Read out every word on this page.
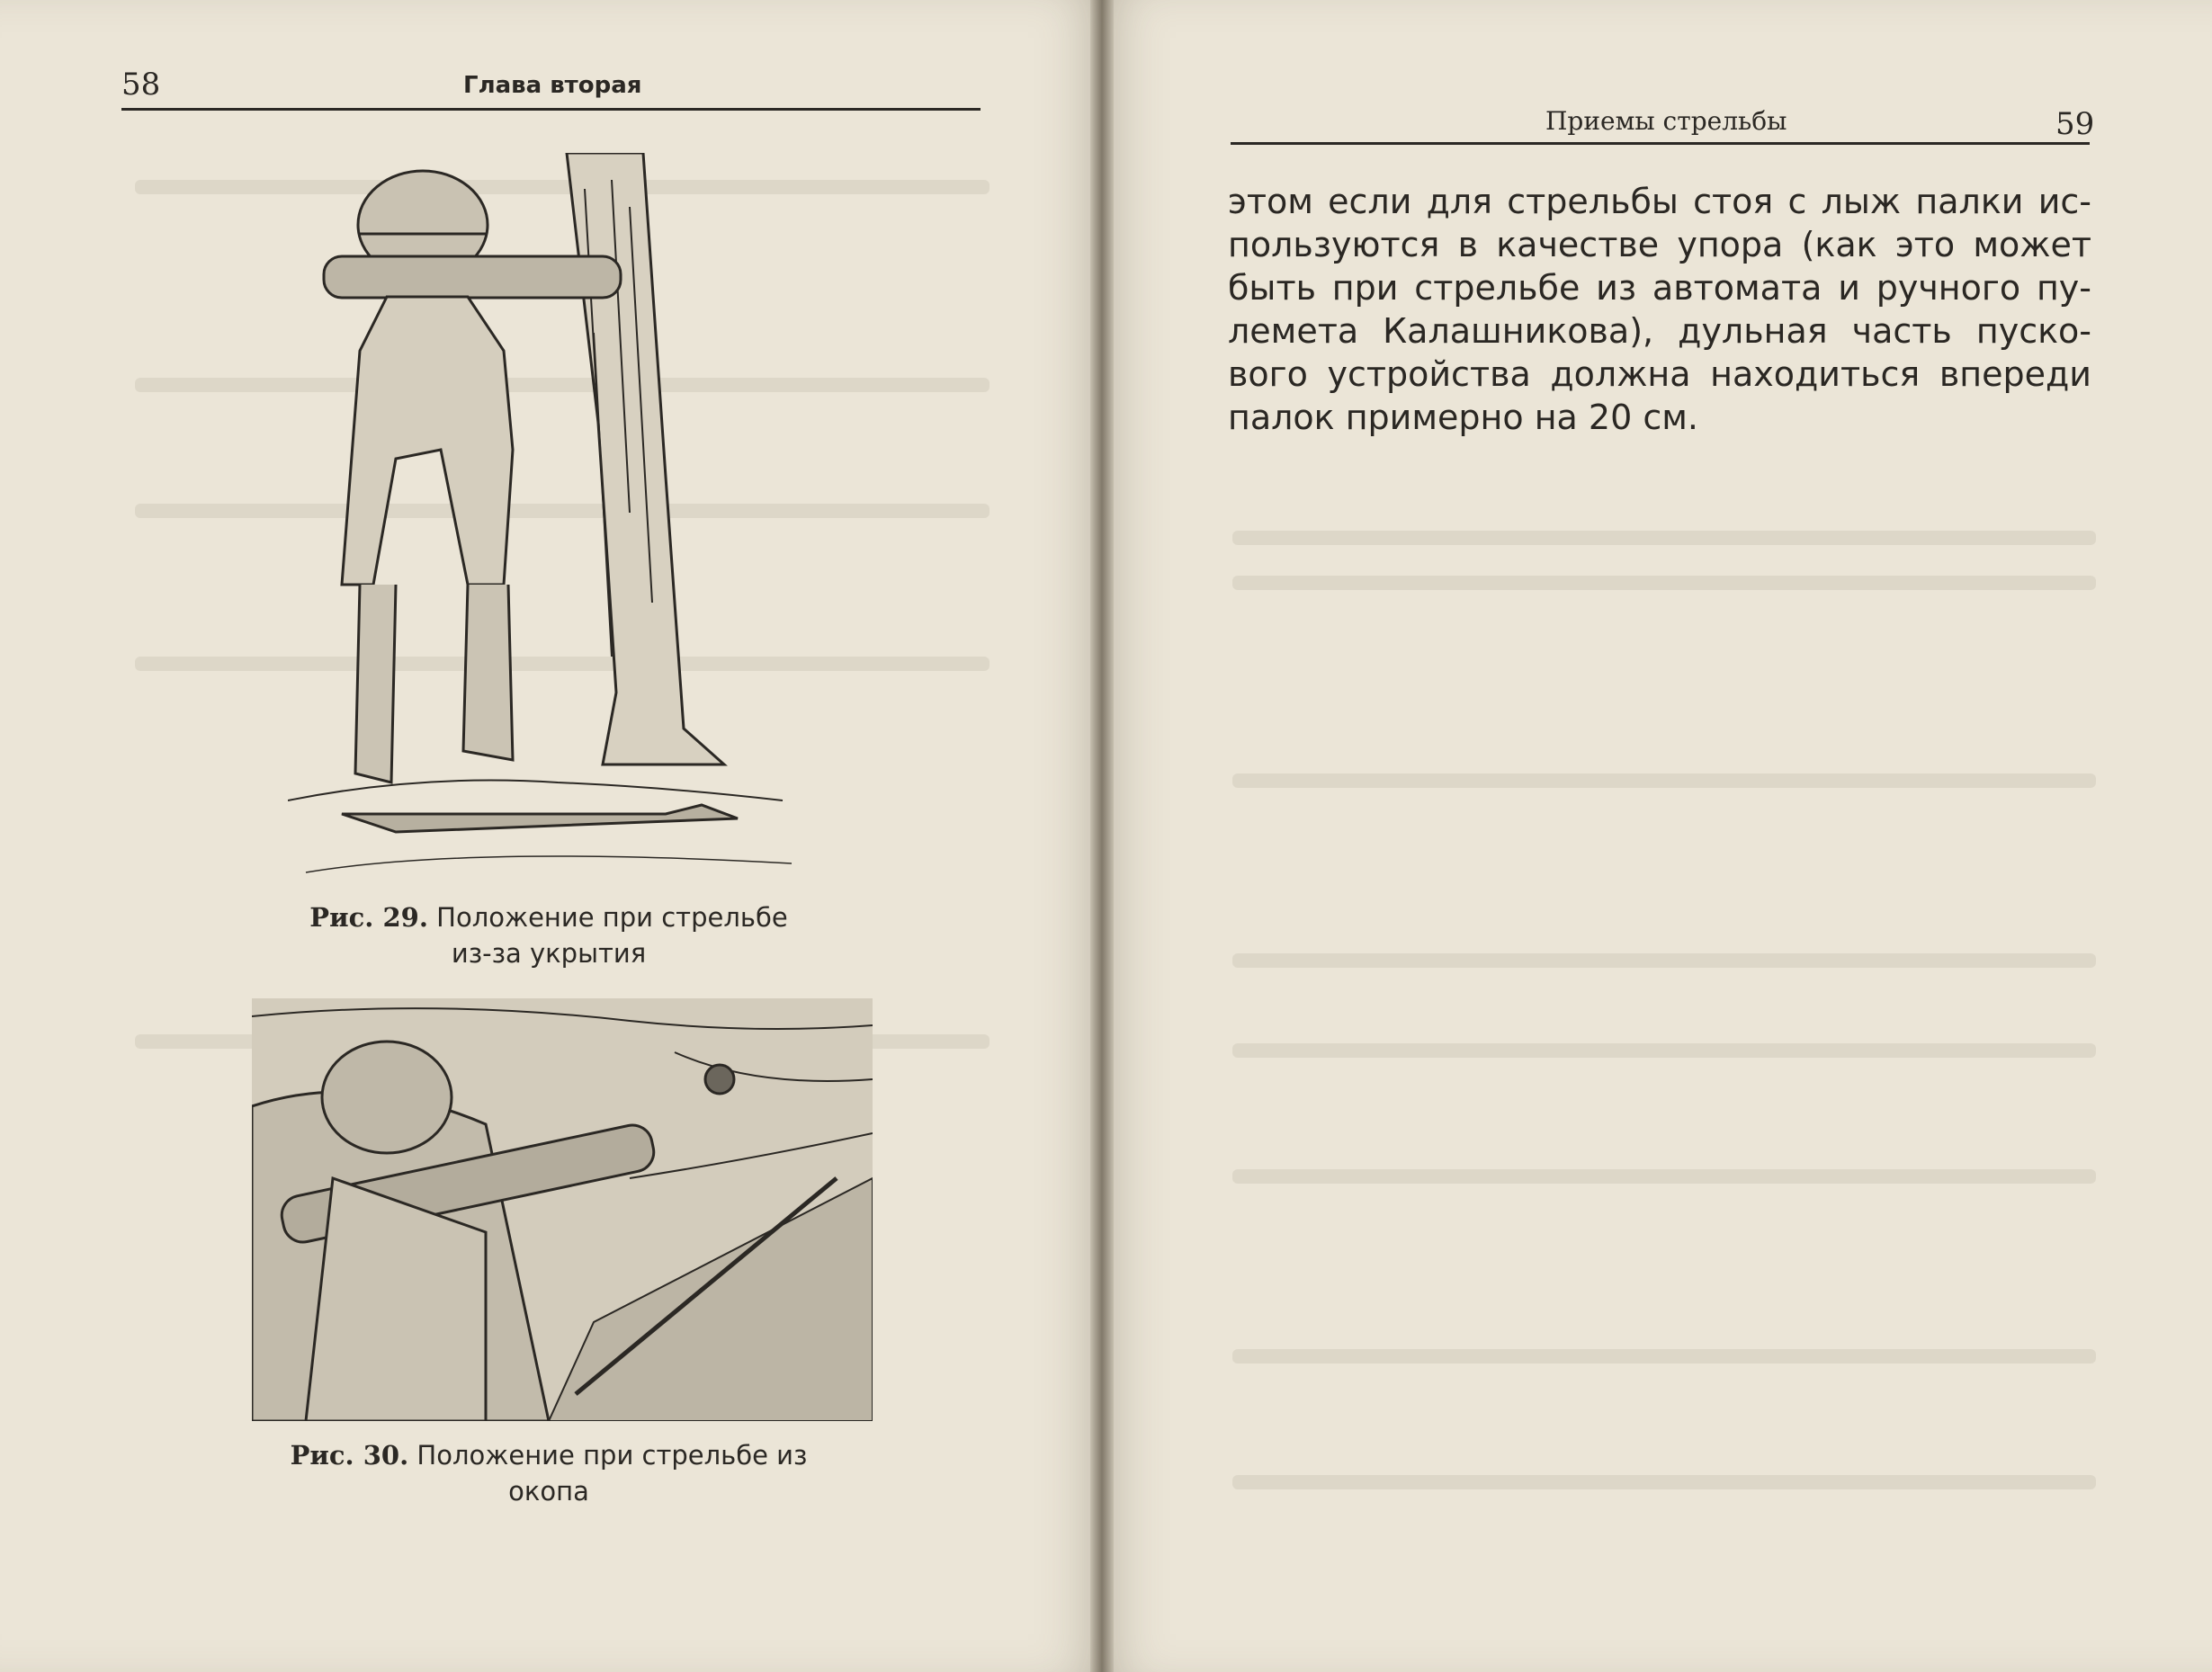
58	Глава вторая
Рис. 29. Положение при стрельбе
из-за укрытия
Рис. 30. Положение при стрельбе из
окопа
Приемы стрельбы	59
этом если для стрельбы стоя с лыж палки ис-
пользуются в качестве упора (как это может
быть при стрельбе из автомата и ручного пу-
лемета Калашникова), дульная часть пуско-
вого устройства должна находиться впереди
палок примерно на 20 см.
